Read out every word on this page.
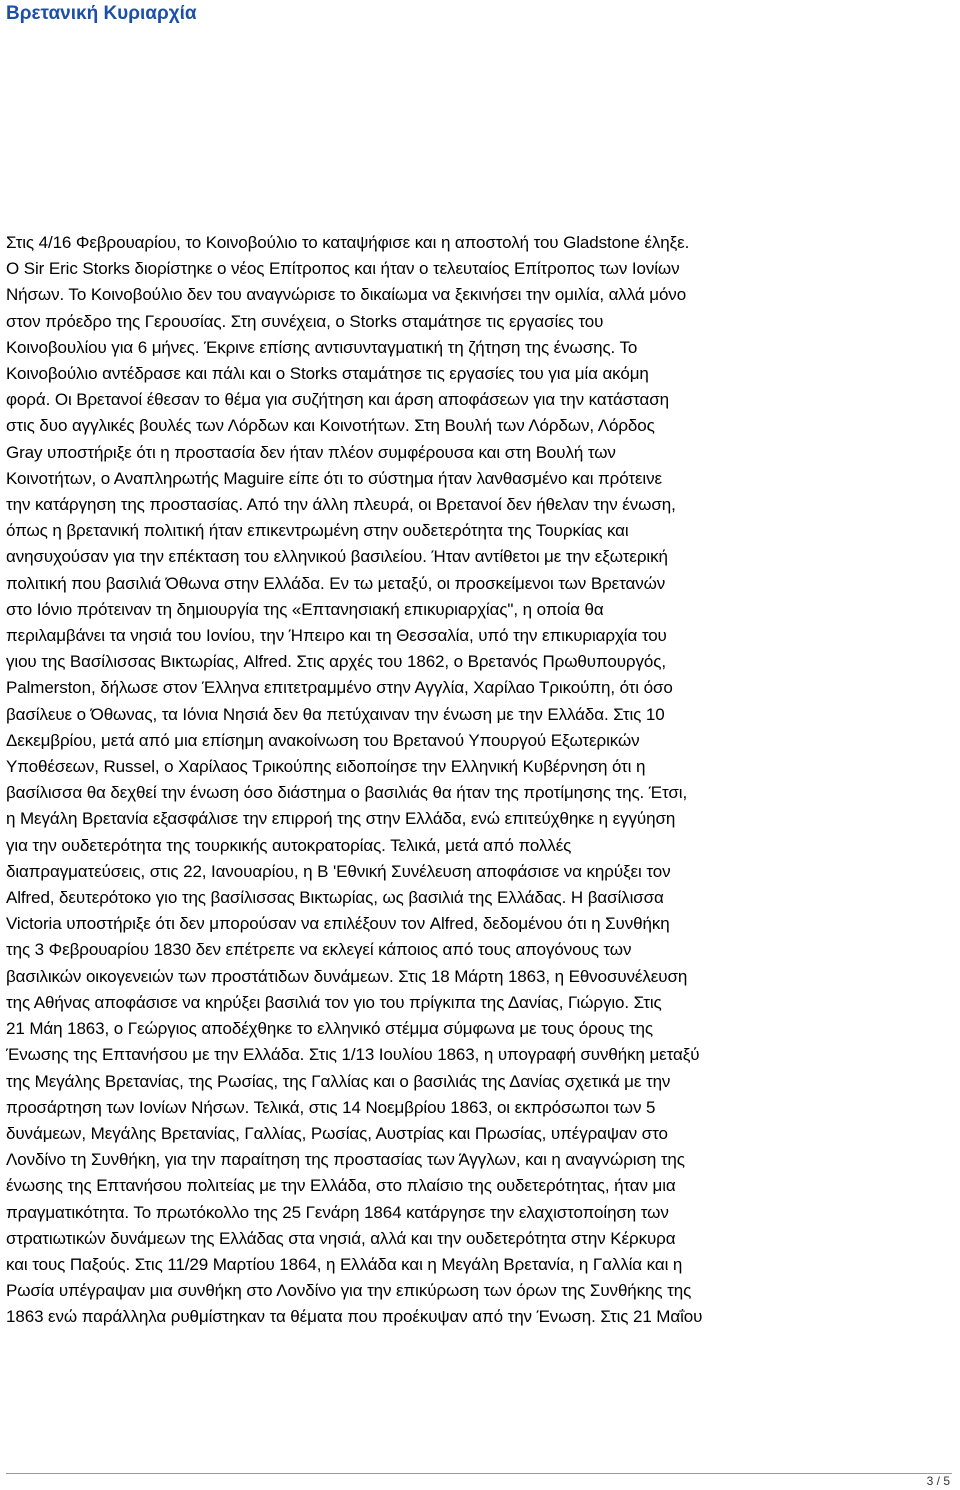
Βρετανική Κυριαρχία
Στις 4/16 Φεβρουαρίου, το Κοινοβούλιο το καταψήφισε και η αποστολή του Gladstone έληξε.
Ο Sir Eric Storks διορίστηκε ο νέος Επίτροπος και ήταν ο τελευταίος Επίτροπος των Ιονίων
Νήσων. Το Κοινοβούλιο δεν του αναγνώρισε το δικαίωμα να ξεκινήσει την ομιλία, αλλά μόνο
στον πρόεδρο της Γερουσίας. Στη συνέχεια, ο Storks σταμάτησε τις εργασίες του
Κοινοβουλίου για 6 μήνες. Έκρινε επίσης αντισυνταγματική τη ζήτηση της ένωσης. Το
Κοινοβούλιο αντέδρασε και πάλι και ο Storks σταμάτησε τις εργασίες του για μία ακόμη
φορά. Οι Βρετανοί έθεσαν το θέμα για συζήτηση και άρση αποφάσεων για την κατάσταση
στις δυο αγγλικές βουλές των Λόρδων και Κοινοτήτων. Στη Βουλή των Λόρδων, Λόρδος
Gray υποστήριξε ότι η προστασία δεν ήταν πλέον συμφέρουσα και στη Βουλή των
Κοινοτήτων, ο Αναπληρωτής Maguire είπε ότι το σύστημα ήταν λανθασμένο και πρότεινε
την κατάργηση της προστασίας. Από την άλλη πλευρά, οι Βρετανοί δεν ήθελαν την ένωση,
όπως η βρετανική πολιτική ήταν επικεντρωμένη στην ουδετερότητα της Τουρκίας και
ανησυχούσαν για την επέκταση του ελληνικού βασιλείου. Ήταν αντίθετοι με την εξωτερική
πολιτική που βασιλιά Όθωνα στην Ελλάδα. Εν τω μεταξύ, οι προσκείμενοι των Βρετανών
στο Ιόνιο πρότειναν τη δημιουργία της «Επτανησιακή επικυριαρχίας", η οποία θα
περιλαμβάνει τα νησιά του Ιονίου, την Ήπειρο και τη Θεσσαλία, υπό την επικυριαρχία του
γιου της Βασίλισσας Βικτωρίας, Alfred. Στις αρχές του 1862, ο Βρετανός Πρωθυπουργός,
Palmerston, δήλωσε στον Έλληνα επιτετραμμένο στην Αγγλία, Χαρίλαο Τρικούπη, ότι όσο
βασίλευε ο Όθωνας, τα Ιόνια Νησιά δεν θα πετύχαιναν την ένωση με την Ελλάδα. Στις 10
Δεκεμβρίου, μετά από μια επίσημη ανακοίνωση του Βρετανού Υπουργού Εξωτερικών
Υποθέσεων, Russel, ο Χαρίλαος Τρικούπης ειδοποίησε την Ελληνική Κυβέρνηση ότι η
βασίλισσα θα δεχθεί την ένωση όσο διάστημα ο βασιλιάς θα ήταν της προτίμησης της. Έτσι,
η Μεγάλη Βρετανία εξασφάλισε την επιρροή της στην Ελλάδα, ενώ επιτεύχθηκε η εγγύηση
για την ουδετερότητα της τουρκικής αυτοκρατορίας. Τελικά, μετά από πολλές
διαπραγματεύσεις, στις 22, Ιανουαρίου, η Β 'Εθνική Συνέλευση αποφάσισε να κηρύξει τον
Alfred, δευτερότοκο γιο της βασίλισσας Βικτωρίας, ως βασιλιά της Ελλάδας. Η βασίλισσα
Victoria υποστήριξε ότι δεν μπορούσαν να επιλέξουν τον Alfred, δεδομένου ότι η Συνθήκη
της 3 Φεβρουαρίου 1830 δεν επέτρεπε να εκλεγεί κάποιος από τους απογόνους των
βασιλικών οικογενειών των προστάτιδων δυνάμεων. Στις 18 Μάρτη 1863, η Εθνοσυνέλευση
της Αθήνας αποφάσισε να κηρύξει βασιλιά τον γιο του πρίγκιπα της Δανίας, Γιώργιο. Στις
21 Μάη 1863, ο Γεώργιος αποδέχθηκε το ελληνικό στέμμα σύμφωνα με τους όρους της
Ένωσης της Επτανήσου με την Ελλάδα. Στις 1/13 Ιουλίου 1863, η υπογραφή συνθήκη μεταξύ
της Μεγάλης Βρετανίας, της Ρωσίας, της Γαλλίας και ο βασιλιάς της Δανίας σχετικά με την
προσάρτηση των Ιονίων Νήσων. Τελικά, στις 14 Νοεμβρίου 1863, οι εκπρόσωποι των 5
δυνάμεων, Μεγάλης Βρετανίας, Γαλλίας, Ρωσίας, Αυστρίας και Πρωσίας, υπέγραψαν στο
Λονδίνο τη Συνθήκη, για την παραίτηση της προστασίας των Άγγλων, και η αναγνώριση της
ένωσης της Επτανήσου πολιτείας με την Ελλάδα, στο πλαίσιο της ουδετερότητας, ήταν μια
πραγματικότητα. Το πρωτόκολλο της 25 Γενάρη 1864 κατάργησε την ελαχιστοποίηση των
στρατιωτικών δυνάμεων της Ελλάδας στα νησιά, αλλά και την ουδετερότητα στην Κέρκυρα
και τους Παξούς. Στις 11/29 Μαρτίου 1864, η Ελλάδα και η Μεγάλη Βρετανία, η Γαλλία και η
Ρωσία υπέγραψαν μια συνθήκη στο Λονδίνο για την επικύρωση των όρων της Συνθήκης της
1863 ενώ παράλληλα ρυθμίστηκαν τα θέματα που προέκυψαν από την Ένωση. Στις 21 Μαΐου
3 / 5
